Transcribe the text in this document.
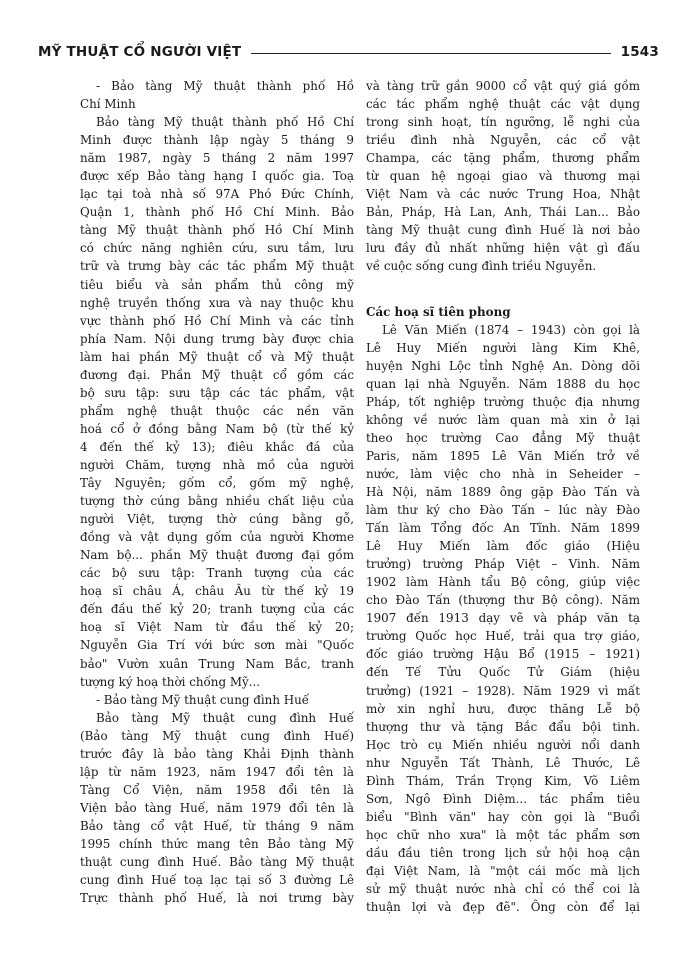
MỸ THUẬT CỔ NGƯỜI VIỆT	1543
- Bảo tàng Mỹ thuật thành phố Hồ
Chí Minh
Bảo tàng Mỹ thuật thành phố Hồ Chí
Minh được thành lập ngày 5 tháng 9
năm 1987, ngày 5 tháng 2 năm 1997
được xếp Bảo tàng hạng I quốc gia. Toạ
lạc tại toà nhà số 97A Phó Đức Chính,
Quận 1, thành phố Hồ Chí Minh. Bảo
tàng Mỹ thuật thành phố Hồ Chí Minh
có chức năng nghiên cứu, sưu tầm, lưu
trữ và trưng bày các tác phẩm Mỹ thuật
tiêu biểu và sản phẩm thủ công mỹ
nghệ truyền thống xưa và nay thuộc khu
vực thành phố Hồ Chí Minh và các tỉnh
phía Nam. Nội dung trưng bày được chia
làm hai phần Mỹ thuật cổ và Mỹ thuật
đương đại. Phần Mỹ thuật cổ gồm các
bộ sưu tập: sưu tập các tác phẩm, vật
phẩm nghệ thuật thuộc các nền văn
hoá cổ ở đồng bằng Nam bộ (từ thế kỷ
4 đến thế kỷ 13); điêu khắc đá của
người Chăm, tượng nhà mồ của người
Tây Nguyên; gốm cổ, gốm mỹ nghệ,
tượng thờ cúng bằng nhiều chất liệu của
người Việt, tượng thờ cúng bằng gỗ,
đồng và vật dụng gốm của người Khơme
Nam bộ... phần Mỹ thuật đương đại gồm
các bộ sưu tập: Tranh tượng của các
hoạ sĩ châu Á, châu Âu từ thế kỷ 19
đến đầu thế kỷ 20; tranh tượng của các
hoạ sĩ Việt Nam từ đầu thế kỷ 20;
Nguyễn Gia Trí với bức sơn mài "Quốc
bảo" Vườn xuân Trung Nam Bắc, tranh
tượng ký hoạ thời chống Mỹ...
- Bảo tàng Mỹ thuật cung đình Huế
Bảo tàng Mỹ thuật cung đình Huế
(Bảo tàng Mỹ thuật cung đình Huế)
trước đây là bảo tàng Khải Định thành
lập từ năm 1923, năm 1947 đổi tên là
Tàng Cổ Viện, năm 1958 đổi tên là
Viện bảo tàng Huế, năm 1979 đổi tên là
Bảo tàng cổ vật Huế, từ tháng 9 năm
1995 chính thức mang tên Bảo tàng Mỹ
thuật cung đình Huế. Bảo tàng Mỹ thuật
cung đình Huế toạ lạc tại số 3 đường Lê
Trực thành phố Huế, là nơi trưng bày
và tàng trữ gần 9000 cổ vật quý giá gồm
các tác phẩm nghệ thuật các vật dụng
trong sinh hoạt, tín ngưỡng, lễ nghi của
triều đình nhà Nguyễn, các cổ vật
Champa, các tặng phẩm, thương phẩm
từ quan hệ ngoại giao và thương mại
Việt Nam và các nước Trung Hoa, Nhật
Bản, Pháp, Hà Lan, Anh, Thái Lan... Bảo
tàng Mỹ thuật cung đình Huế là nơi bảo
lưu đầy đủ nhất những hiện vật gì đấu
về cuộc sống cung đình triều Nguyễn.
Các hoạ sĩ tiên phong
Lê Văn Miến (1874 – 1943) còn gọi là
Lê Huy Miến người làng Kim Khê,
huyện Nghi Lộc tỉnh Nghệ An. Dòng dõi
quan lại nhà Nguyễn. Năm 1888 du học
Pháp, tốt nghiệp trường thuộc địa nhưng
không về nước làm quan mà xin ở lại
theo học trường Cao đẳng Mỹ thuật
Paris, năm 1895 Lê Văn Miến trở về
nước, làm việc cho nhà in Seheider –
Hà Nội, năm 1889 ông gặp Đào Tấn và
làm thư ký cho Đào Tấn – lúc này Đào
Tấn làm Tổng đốc An Tĩnh. Năm 1899
Lê Huy Miến làm đốc giáo (Hiệu
trưởng) trường Pháp Việt – Vinh. Năm
1902 làm Hành tẩu Bộ công, giúp việc
cho Đào Tấn (thượng thư Bộ công). Năm
1907 đến 1913 dạy vẽ và pháp văn tạ
trường Quốc học Huế, trải qua trợ giáo,
đốc giáo trường Hậu Bổ (1915 – 1921)
đến Tế Tửu Quốc Tử Giám (hiệu
trưởng) (1921 – 1928). Năm 1929 vì mất
mờ xin nghỉ hưu, được thăng Lễ bộ
thượng thư và tặng Bắc đẩu bội tinh.
Học trò cụ Miến nhiều người nổi danh
như Nguyễn Tất Thành, Lê Thước, Lê
Đình Thám, Trần Trọng Kim, Võ Liêm
Sơn, Ngô Đình Diệm... tác phẩm tiêu
biểu "Bình văn" hay còn gọi là "Buổi
học chữ nho xưa" là một tác phẩm sơn
dầu đầu tiên trong lịch sử hội hoạ cận
đại Việt Nam, là "một cái mốc mà lịch
sử mỹ thuật nước nhà chỉ có thể coi là
thuận lợi và đẹp đẽ". Ông còn để lại
